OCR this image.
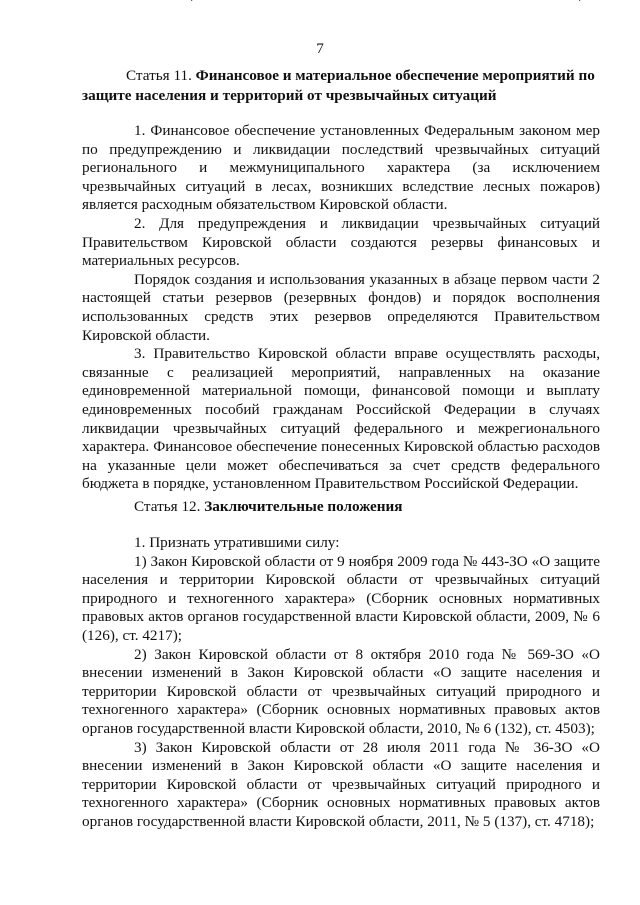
˙	˙
7
Статья 11. Финансовое и материальное обеспечение мероприятий по защите населения и территорий от чрезвычайных ситуаций

1. Финансовое обеспечение установленных Федеральным законом мер по предупреждению и ликвидации последствий чрезвычайных ситуаций регионального и межмуниципального характера (за исключением чрезвычайных ситуаций в лесах, возникших вследствие лесных пожаров) является расходным обязательством Кировской области.

2. Для предупреждения и ликвидации чрезвычайных ситуаций Правительством Кировской области создаются резервы финансовых и материальных ресурсов.

Порядок создания и использования указанных в абзаце первом части 2 настоящей статьи резервов (резервных фондов) и порядок восполнения использованных средств этих резервов определяются Правительством Кировской области.

3. Правительство Кировской области вправе осуществлять расходы, связанные с реализацией мероприятий, направленных на оказание единовременной материальной помощи, финансовой помощи и выплату единовременных пособий гражданам Российской Федерации в случаях ликвидации чрезвычайных ситуаций федерального и межрегионального характера. Финансовое обеспечение понесенных Кировской областью расходов на указанные цели может обеспечиваться за счет средств федерального бюджета в порядке, установленном Правительством Российской Федерации.

Статья 12. Заключительные положения

1. Признать утратившими силу:

1) Закон Кировской области от 9 ноября 2009 года № 443-ЗО «О защите населения и территории Кировской области от чрезвычайных ситуаций природного и техногенного характера» (Сборник основных нормативных правовых актов органов государственной власти Кировской области, 2009, № 6 (126), ст. 4217);

2) Закон Кировской области от 8 октября 2010 года № 569-ЗО «О внесении изменений в Закон Кировской области «О защите населения и территории Кировской области от чрезвычайных ситуаций природного и техногенного характера» (Сборник основных нормативных правовых актов органов государственной власти Кировской области, 2010, № 6 (132), ст. 4503);

3) Закон Кировской области от 28 июля 2011 года № 36-ЗО «О внесении изменений в Закон Кировской области «О защите населения и территории Кировской области от чрезвычайных ситуаций природного и техногенного характера» (Сборник основных нормативных правовых актов органов государственной власти Кировской области, 2011, № 5 (137), ст. 4718);
